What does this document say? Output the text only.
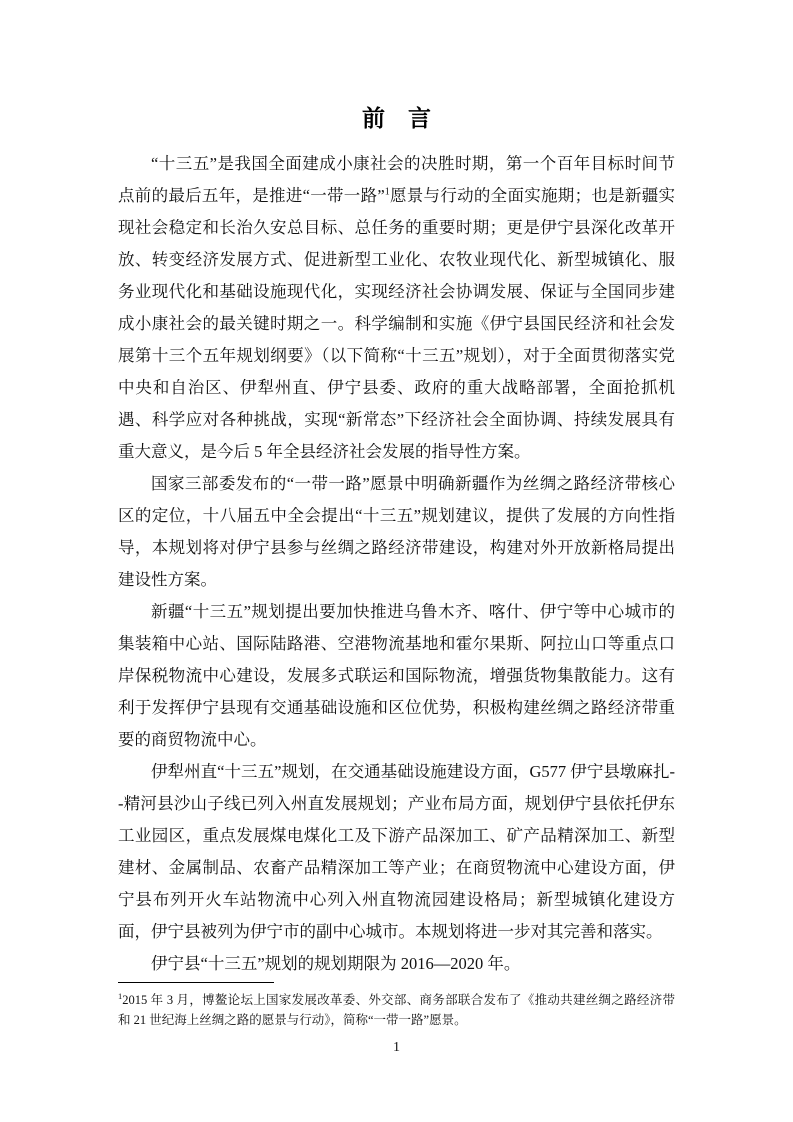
前　言

“十三五”是我国全面建成小康社会的决胜时期，第一个百年目标时间节点前的最后五年，是推进“一带一路”$^1$愿景与行动的全面实施期；也是新疆实现社会稳定和长治久安总目标、总任务的重要时期；更是伊宁县深化改革开放、转变经济发展方式、促进新型工业化、农牧业现代化、新型城镇化、服务业现代化和基础设施现代化，实现经济社会协调发展、保证与全国同步建成小康社会的最关键时期之一。科学编制和实施《伊宁县国民经济和社会发展第十三个五年规划纲要》（以下简称“十三五”规划），对于全面贯彻落实党中央和自治区、伊犁州直、伊宁县委、政府的重大战略部署，全面抢抓机遇、科学应对各种挑战，实现“新常态”下经济社会全面协调、持续发展具有重大意义，是今后 5 年全县经济社会发展的指导性方案。

国家三部委发布的“一带一路”愿景中明确新疆作为丝绸之路经济带核心区的定位，十八届五中全会提出“十三五”规划建议，提供了发展的方向性指导，本规划将对伊宁县参与丝绸之路经济带建设，构建对外开放新格局提出建设性方案。

新疆“十三五”规划提出要加快推进乌鲁木齐、喀什、伊宁等中心城市的集装箱中心站、国际陆路港、空港物流基地和霍尔果斯、阿拉山口等重点口岸保税物流中心建设，发展多式联运和国际物流，增强货物集散能力。这有利于发挥伊宁县现有交通基础设施和区位优势，积极构建丝绸之路经济带重要的商贸物流中心。

伊犁州直“十三五”规划，在交通基础设施建设方面，G577 伊宁县墩麻扎--精河县沙山子线已列入州直发展规划；产业布局方面，规划伊宁县依托伊东工业园区，重点发展煤电煤化工及下游产品深加工、矿产品精深加工、新型建材、金属制品、农畜产品精深加工等产业；在商贸物流中心建设方面，伊宁县布列开火车站物流中心列入州直物流园建设格局；新型城镇化建设方面，伊宁县被列为伊宁市的副中心城市。本规划将进一步对其完善和落实。

伊宁县“十三五”规划的规划期限为 2016—2020 年。

$^1$2015 年 3 月，博鳌论坛上国家发展改革委、外交部、商务部联合发布了《推动共建丝绸之路经济带和 21 世纪海上丝绸之路的愿景与行动》，简称“一带一路”愿景。

1
